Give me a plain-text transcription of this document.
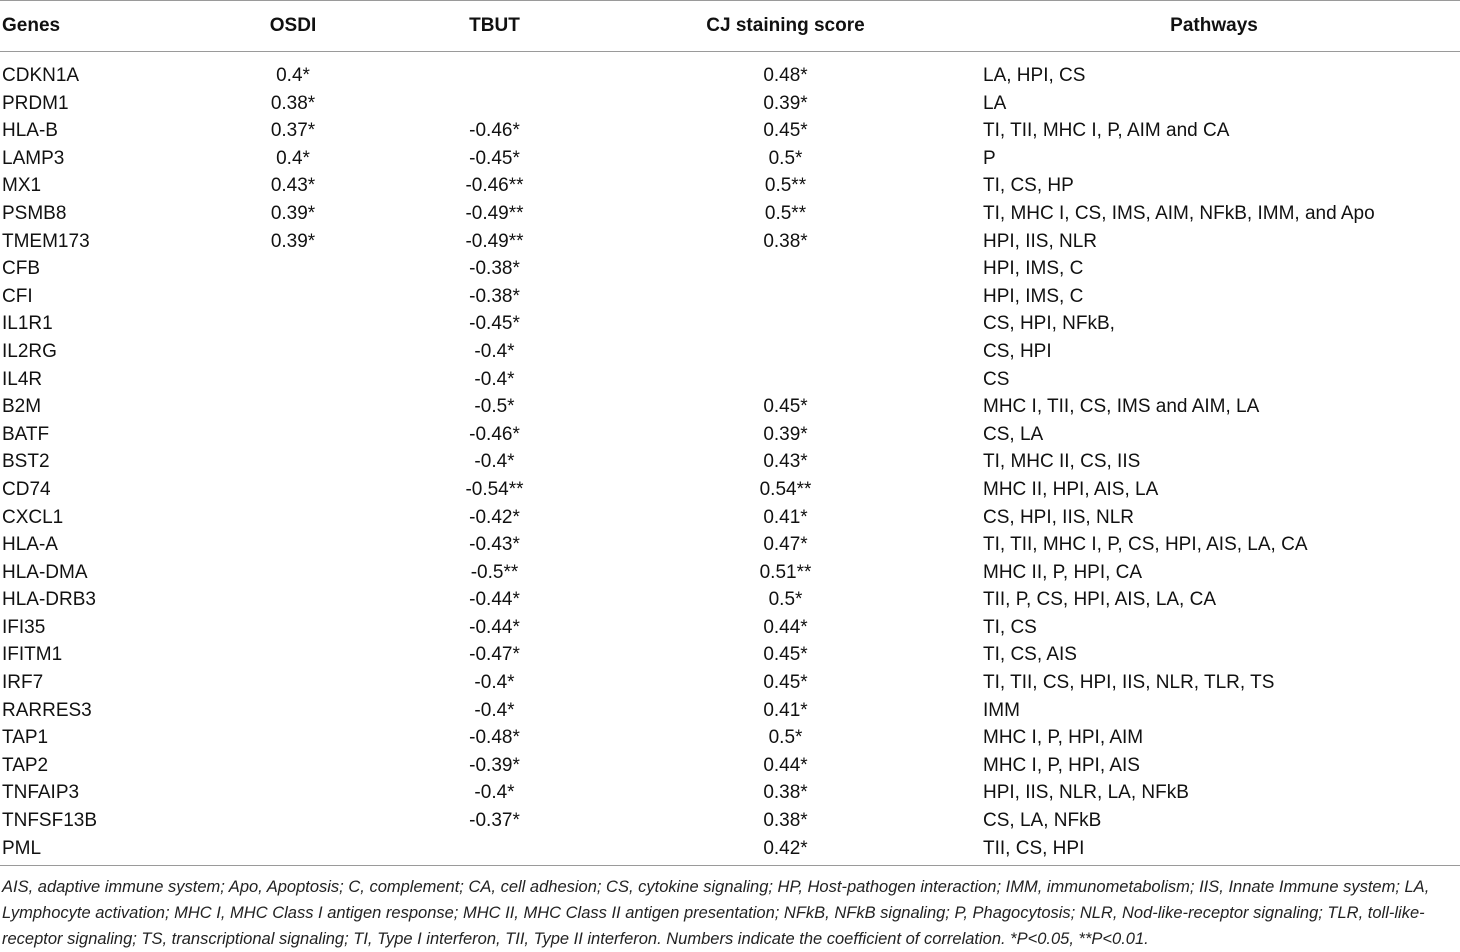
Genes	OSDI	TBUT	CJ staining score	Pathways
CDKN1A	0.4*		0.48*	LA, HPI, CS
PRDM1	0.38*		0.39*	LA
HLA-B	0.37*	-0.46*	0.45*	TI, TII, MHC I, P, AIM and CA
LAMP3	0.4*	-0.45*	0.5*	P
MX1	0.43*	-0.46**	0.5**	TI, CS, HP
PSMB8	0.39*	-0.49**	0.5**	TI, MHC I, CS, IMS, AIM, NFkB, IMM, and Apo
TMEM173	0.39*	-0.49**	0.38*	HPI, IIS, NLR
CFB		-0.38*		HPI, IMS, C
CFI		-0.38*		HPI, IMS, C
IL1R1		-0.45*		CS, HPI, NFkB,
IL2RG		-0.4*		CS, HPI
IL4R		-0.4*		CS
B2M		-0.5*	0.45*	MHC I, TII, CS, IMS and AIM, LA
BATF		-0.46*	0.39*	CS, LA
BST2		-0.4*	0.43*	TI, MHC II, CS, IIS
CD74		-0.54**	0.54**	MHC II, HPI, AIS, LA
CXCL1		-0.42*	0.41*	CS, HPI, IIS, NLR
HLA-A		-0.43*	0.47*	TI, TII, MHC I, P, CS, HPI, AIS, LA, CA
HLA-DMA		-0.5**	0.51**	MHC II, P, HPI, CA
HLA-DRB3		-0.44*	0.5*	TII, P, CS, HPI, AIS, LA, CA
IFI35		-0.44*	0.44*	TI, CS
IFITM1		-0.47*	0.45*	TI, CS, AIS
IRF7		-0.4*	0.45*	TI, TII, CS, HPI, IIS, NLR, TLR, TS
RARRES3		-0.4*	0.41*	IMM
TAP1		-0.48*	0.5*	MHC I, P, HPI, AIM
TAP2		-0.39*	0.44*	MHC I, P, HPI, AIS
TNFAIP3		-0.4*	0.38*	HPI, IIS, NLR, LA, NFkB
TNFSF13B		-0.37*	0.38*	CS, LA, NFkB
PML			0.42*	TII, CS, HPI
AIS, adaptive immune system; Apo, Apoptosis; C, complement; CA, cell adhesion; CS, cytokine signaling; HP, Host-pathogen interaction; IMM, immunometabolism; IIS, Innate Immune system; LA, Lymphocyte activation; MHC I, MHC Class I antigen response; MHC II, MHC Class II antigen presentation; NFkB, NFkB signaling; P, Phagocytosis; NLR, Nod-like-receptor signaling; TLR, toll-like-receptor signaling; TS, transcriptional signaling; TI, Type I interferon, TII, Type II interferon. Numbers indicate the coefficient of correlation. *P<0.05, **P<0.01.
